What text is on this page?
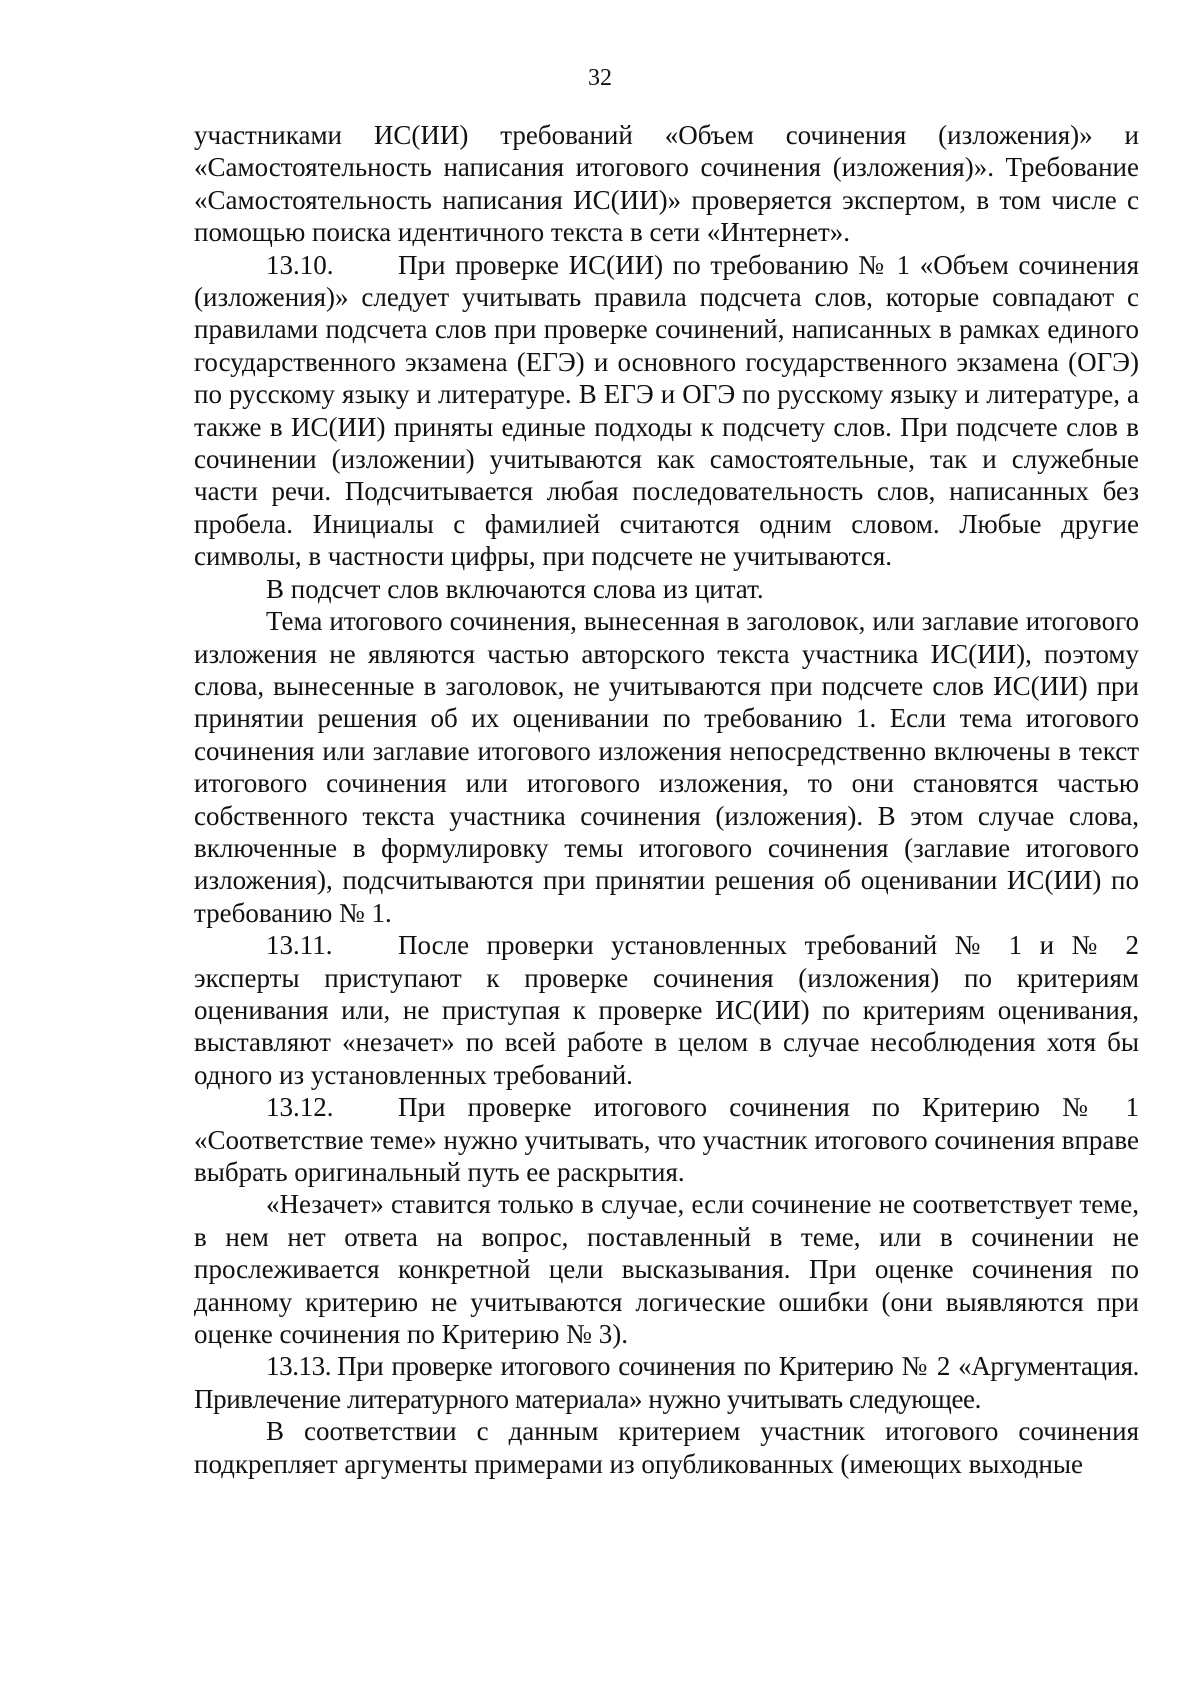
32

участниками ИС(ИИ) требований «Объем сочинения (изложения)» и «Самостоятельность написания итогового сочинения (изложения)». Требование «Самостоятельность написания ИС(ИИ)» проверяется экспертом, в том числе с помощью поиска идентичного текста в сети «Интернет».

13.10. При проверке ИС(ИИ) по требованию № 1 «Объем сочинения (изложения)» следует учитывать правила подсчета слов, которые совпадают с правилами подсчета слов при проверке сочинений, написанных в рамках единого государственного экзамена (ЕГЭ) и основного государственного экзамена (ОГЭ) по русскому языку и литературе. В ЕГЭ и ОГЭ по русскому языку и литературе, а также в ИС(ИИ) приняты единые подходы к подсчету слов. При подсчете слов в сочинении (изложении) учитываются как самостоятельные, так и служебные части речи. Подсчитывается любая последовательность слов, написанных без пробела. Инициалы с фамилией считаются одним словом. Любые другие символы, в частности цифры, при подсчете не учитываются.

В подсчет слов включаются слова из цитат.

Тема итогового сочинения, вынесенная в заголовок, или заглавие итогового изложения не являются частью авторского текста участника ИС(ИИ), поэтому слова, вынесенные в заголовок, не учитываются при подсчете слов ИС(ИИ) при принятии решения об их оценивании по требованию 1. Если тема итогового сочинения или заглавие итогового изложения непосредственно включены в текст итогового сочинения или итогового изложения, то они становятся частью собственного текста участника сочинения (изложения). В этом случае слова, включенные в формулировку темы итогового сочинения (заглавие итогового изложения), подсчитываются при принятии решения об оценивании ИС(ИИ) по требованию № 1.

13.11. После проверки установленных требований № 1 и № 2 эксперты приступают к проверке сочинения (изложения) по критериям оценивания или, не приступая к проверке ИС(ИИ) по критериям оценивания, выставляют «незачет» по всей работе в целом в случае несоблюдения хотя бы одного из установленных требований.

13.12. При проверке итогового сочинения по Критерию № 1 «Соответствие теме» нужно учитывать, что участник итогового сочинения вправе выбрать оригинальный путь ее раскрытия.

«Незачет» ставится только в случае, если сочинение не соответствует теме, в нем нет ответа на вопрос, поставленный в теме, или в сочинении не прослеживается конкретной цели высказывания. При оценке сочинения по данному критерию не учитываются логические ошибки (они выявляются при оценке сочинения по Критерию № 3).

13.13. При проверке итогового сочинения по Критерию № 2 «Аргументация. Привлечение литературного материала» нужно учитывать следующее.

В соответствии с данным критерием участник итогового сочинения подкрепляет аргументы примерами из опубликованных (имеющих выходные
